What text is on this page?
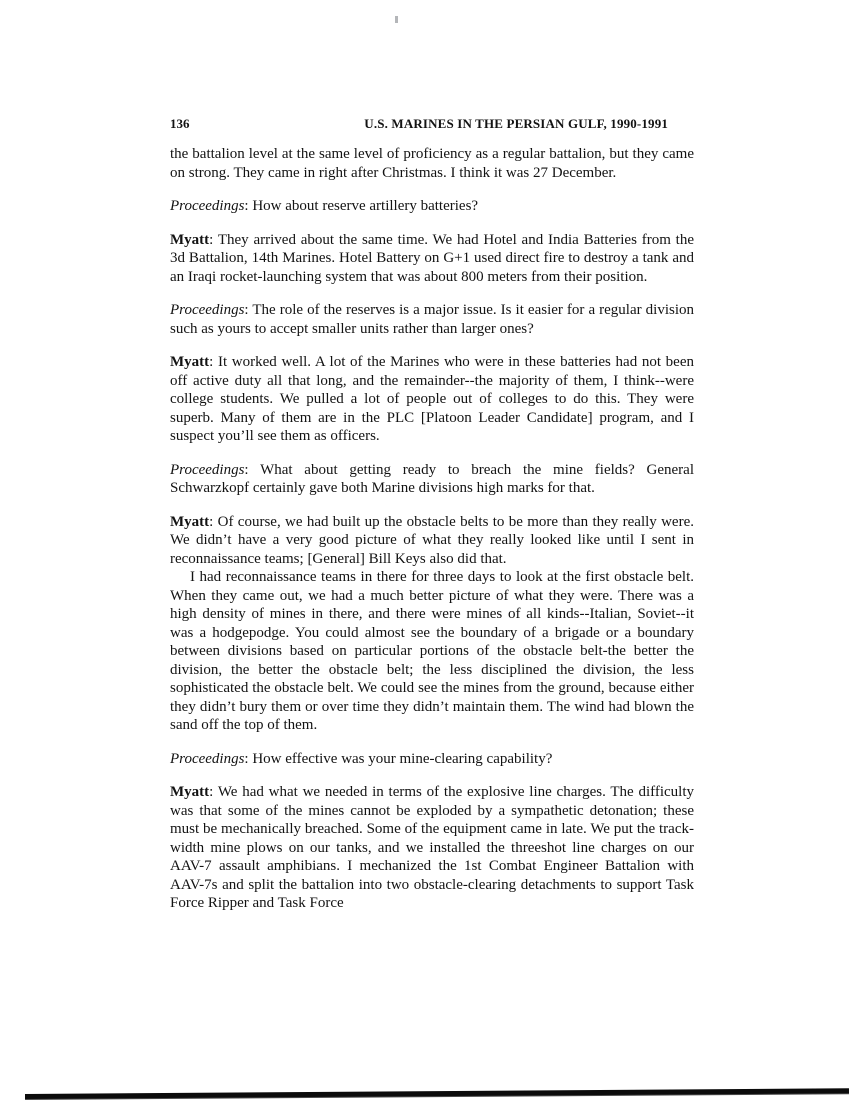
136	U.S. MARINES IN THE PERSIAN GULF, 1990-1991

the battalion level at the same level of proficiency as a regular battalion, but they came on strong. They came in right after Christmas. I think it was 27 December.

Proceedings: How about reserve artillery batteries?

Myatt: They arrived about the same time. We had Hotel and India Batteries from the 3d Battalion, 14th Marines. Hotel Battery on G+1 used direct fire to destroy a tank and an Iraqi rocket-launching system that was about 800 meters from their position.

Proceedings: The role of the reserves is a major issue. Is it easier for a regular division such as yours to accept smaller units rather than larger ones?

Myatt: It worked well. A lot of the Marines who were in these batteries had not been off active duty all that long, and the remainder--the majority of them, I think--were college students. We pulled a lot of people out of colleges to do this. They were superb. Many of them are in the PLC [Platoon Leader Candidate] program, and I suspect you’ll see them as officers.

Proceedings: What about getting ready to breach the mine fields? General Schwarzkopf certainly gave both Marine divisions high marks for that.

Myatt: Of course, we had built up the obstacle belts to be more than they really were. We didn’t have a very good picture of what they really looked like until I sent in reconnaissance teams; [General] Bill Keys also did that.

I had reconnaissance teams in there for three days to look at the first obstacle belt. When they came out, we had a much better picture of what they were. There was a high density of mines in there, and there were mines of all kinds--Italian, Soviet--it was a hodgepodge. You could almost see the boundary of a brigade or a boundary between divisions based on particular portions of the obstacle belt-the better the division, the better the obstacle belt; the less disciplined the division, the less sophisticated the obstacle belt. We could see the mines from the ground, because either they didn’t bury them or over time they didn’t maintain them. The wind had blown the sand off the top of them.

Proceedings: How effective was your mine-clearing capability?

Myatt: We had what we needed in terms of the explosive line charges. The difficulty was that some of the mines cannot be exploded by a sympathetic detonation; these must be mechanically breached. Some of the equipment came in late. We put the track-width mine plows on our tanks, and we installed the threeshot line charges on our AAV-7 assault amphibians. I mechanized the 1st Combat Engineer Battalion with AAV-7s and split the battalion into two obstacle-clearing detachments to support Task Force Ripper and Task Force
